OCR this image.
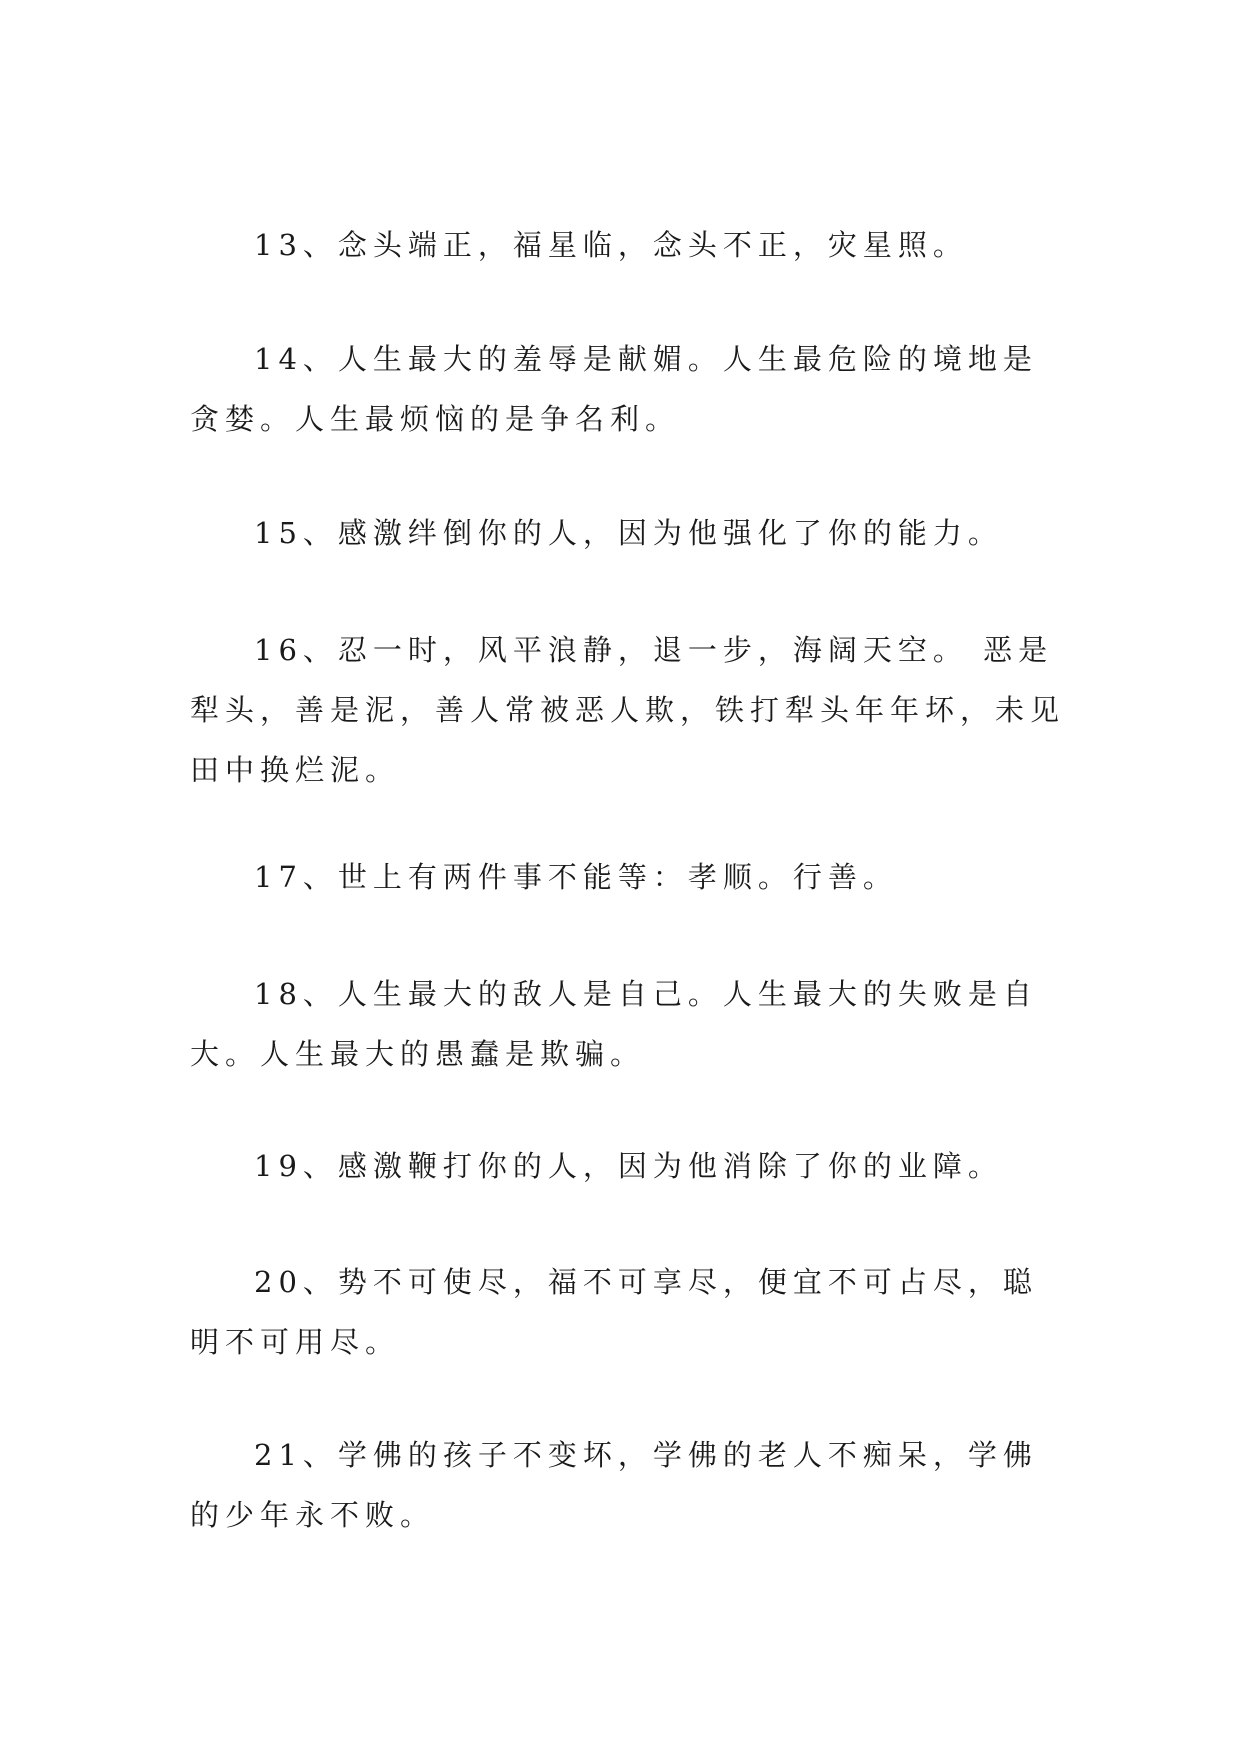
13、念头端正，福星临，念头不正，灾星照。

14、人生最大的羞辱是献媚。人生最危险的境地是贪婪。人生最烦恼的是争名利。

15、感激绊倒你的人，因为他强化了你的能力。

16、忍一时，风平浪静，退一步，海阔天空。 恶是犁头，善是泥，善人常被恶人欺，铁打犁头年年坏，未见田中换烂泥。

17、世上有两件事不能等：孝顺。行善。

18、人生最大的敌人是自己。人生最大的失败是自大。人生最大的愚蠢是欺骗。

19、感激鞭打你的人，因为他消除了你的业障。

20、势不可使尽，福不可享尽，便宜不可占尽，聪明不可用尽。

21、学佛的孩子不变坏，学佛的老人不痴呆，学佛的少年永不败。
